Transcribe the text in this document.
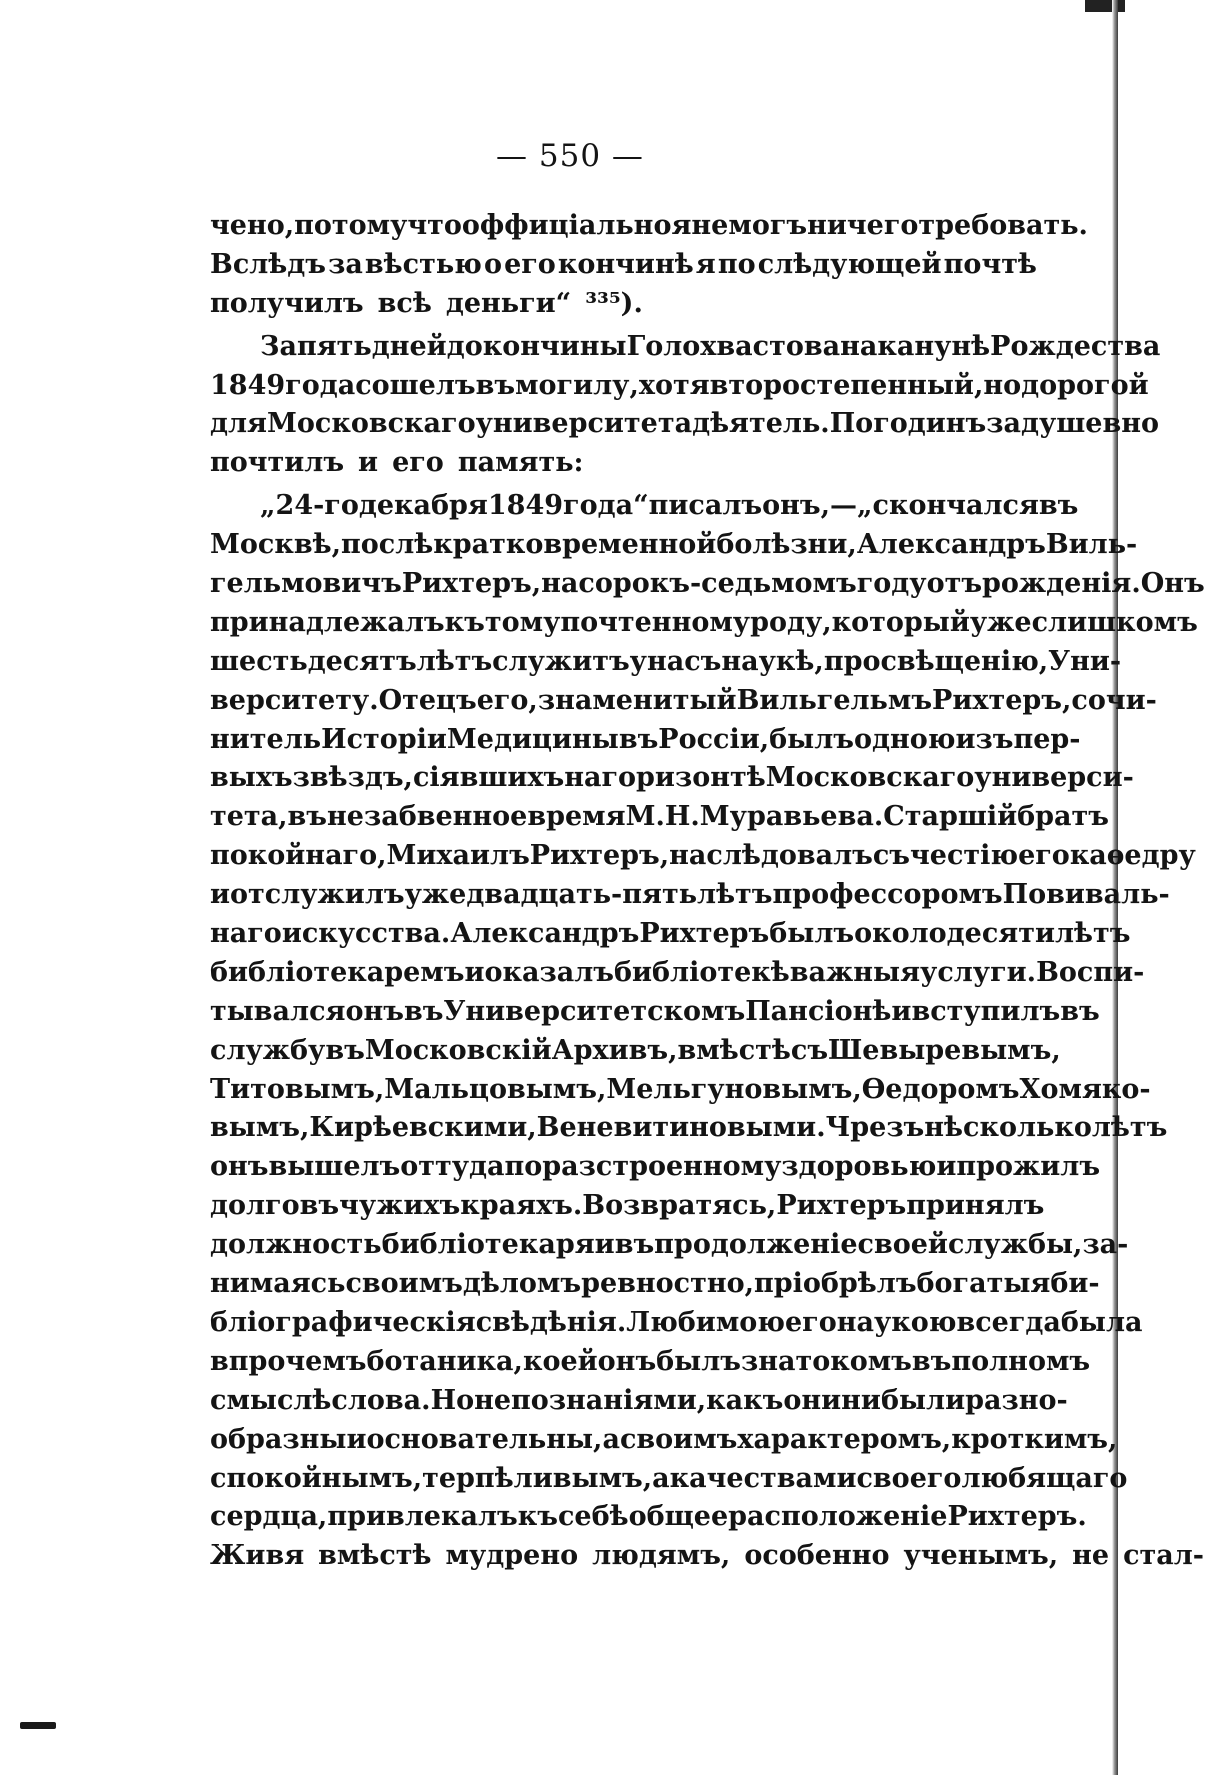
— 550 —
чено, потому что оффиціально я не могъ ничего требовать.
Вслѣдъ за вѣстью о его кончинѣ я по слѣдующей почтѣ
получилъ всѣ деньги“ ³³⁵).
За пять дней до кончины Голохвастова на канунѣ Рождества
1849 года сошелъ въ могилу, хотя второстепенный, но дорогой
для Московскаго университета дѣятель. Погодинъ задушевно
почтилъ и его память:
„24-го декабря 1849 года“ писалъ онъ,—„скончался въ
Москвѣ, послѣ кратковременной болѣзни, Александръ Виль-
гельмовичъ Рихтеръ, на сорокъ-седьмомъ году отъ рожденія. Онъ
принадлежалъ къ тому почтенному роду, который уже слишкомъ
шестьдесятъ лѣтъ служитъ у насъ наукѣ, просвѣщенію, Уни-
верситету. Отецъ его, знаменитый Вильгельмъ Рихтеръ, сочи-
нитель Исторіи Медицины въ Россіи, былъ одною изъ пер-
выхъ звѣздъ, сіявшихъ на горизонтѣ Московскаго универси-
тета, въ незабвенное время М. Н. Муравьева. Старшій братъ
покойнаго, Михаилъ Рихтеръ, наслѣдовалъ съ честію его каѳедру
и отслужилъ уже двадцать-пять лѣтъ профессоромъ Повиваль-
наго искусства. Александръ Рихтеръ былъ около десяти лѣтъ
библіотекаремъ и оказалъ библіотекѣ важныя услуги. Воспи-
тывался онъ въ Университетскомъ Пансіонѣ и вступилъ въ
службу въ Московскій Архивъ, вмѣстѣ съ Шевыревымъ,
Титовымъ, Мальцовымъ, Мельгуновымъ, Ѳедоромъ Хомяко-
вымъ, Кирѣевскими, Веневитиновыми. Чрезъ нѣсколько лѣтъ
онъ вышелъ оттуда по разстроенному здоровью и прожилъ
долго въ чужихъ краяхъ. Возвратясь, Рихтеръ принялъ
должность библіотекаря и въ продолженіе своей службы, за-
нимаясь своимъ дѣломъ ревностно, пріобрѣлъ богатыя би-
бліографическія свѣдѣнія. Любимою его наукою всегда была
впрочемъ ботаника, коей онъ былъ знатокомъ въ полномъ
смыслѣ слова. Но не познаніями, какъ они ни были разно-
образны и основательны, а своимъ характеромъ, кроткимъ,
спокойнымъ, терпѣливымъ, а качествами своего любящаго
сердца, привлекалъ къ себѣ общее расположеніе Рихтеръ.
Живя вмѣстѣ мудрено людямъ, особенно ученымъ, не стал-
